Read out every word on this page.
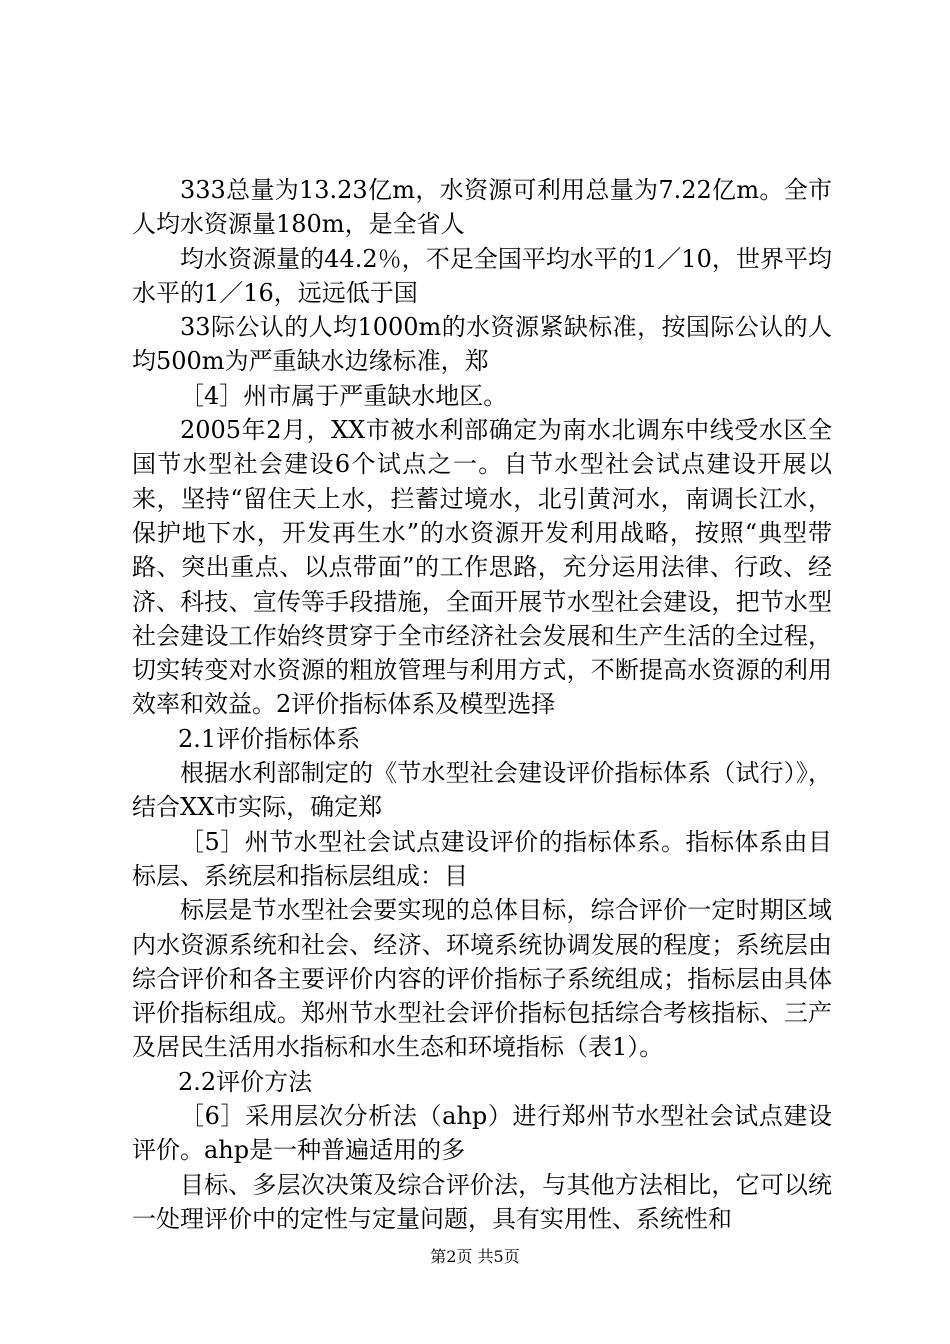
333总量为13.23亿m，水资源可利用总量为7.22亿m。全市人均水资源量180m，是全省人

均水资源量的44.2％，不足全国平均水平的1／10，世界平均水平的1／16，远远低于国

33际公认的人均1000m的水资源紧缺标准，按国际公认的人均500m为严重缺水边缘标准，郑

［4］州市属于严重缺水地区。

2005年2月，XX市被水利部确定为南水北调东中线受水区全国节水型社会建设6个试点之一。自节水型社会试点建设开展以来，坚持“留住天上水，拦蓄过境水，北引黄河水，南调长江水，保护地下水，开发再生水”的水资源开发利用战略，按照“典型带路、突出重点、以点带面”的工作思路，充分运用法律、行政、经济、科技、宣传等手段措施，全面开展节水型社会建设，把节水型社会建设工作始终贯穿于全市经济社会发展和生产生活的全过程，切实转变对水资源的粗放管理与利用方式，不断提高水资源的利用效率和效益。2评价指标体系及模型选择

2.1评价指标体系

根据水利部制定的《节水型社会建设评价指标体系（试行）》，结合XX市实际，确定郑

［5］州节水型社会试点建设评价的指标体系。指标体系由目标层、系统层和指标层组成：目

标层是节水型社会要实现的总体目标，综合评价一定时期区域内水资源系统和社会、经济、环境系统协调发展的程度；系统层由综合评价和各主要评价内容的评价指标子系统组成；指标层由具体评价指标组成。郑州节水型社会评价指标包括综合考核指标、三产及居民生活用水指标和水生态和环境指标（表1）。

2.2评价方法

［6］采用层次分析法（ahp）进行郑州节水型社会试点建设评价。ahp是一种普遍适用的多

目标、多层次决策及综合评价法，与其他方法相比，它可以统一处理评价中的定性与定量问题，具有实用性、系统性和

第2页 共5页
